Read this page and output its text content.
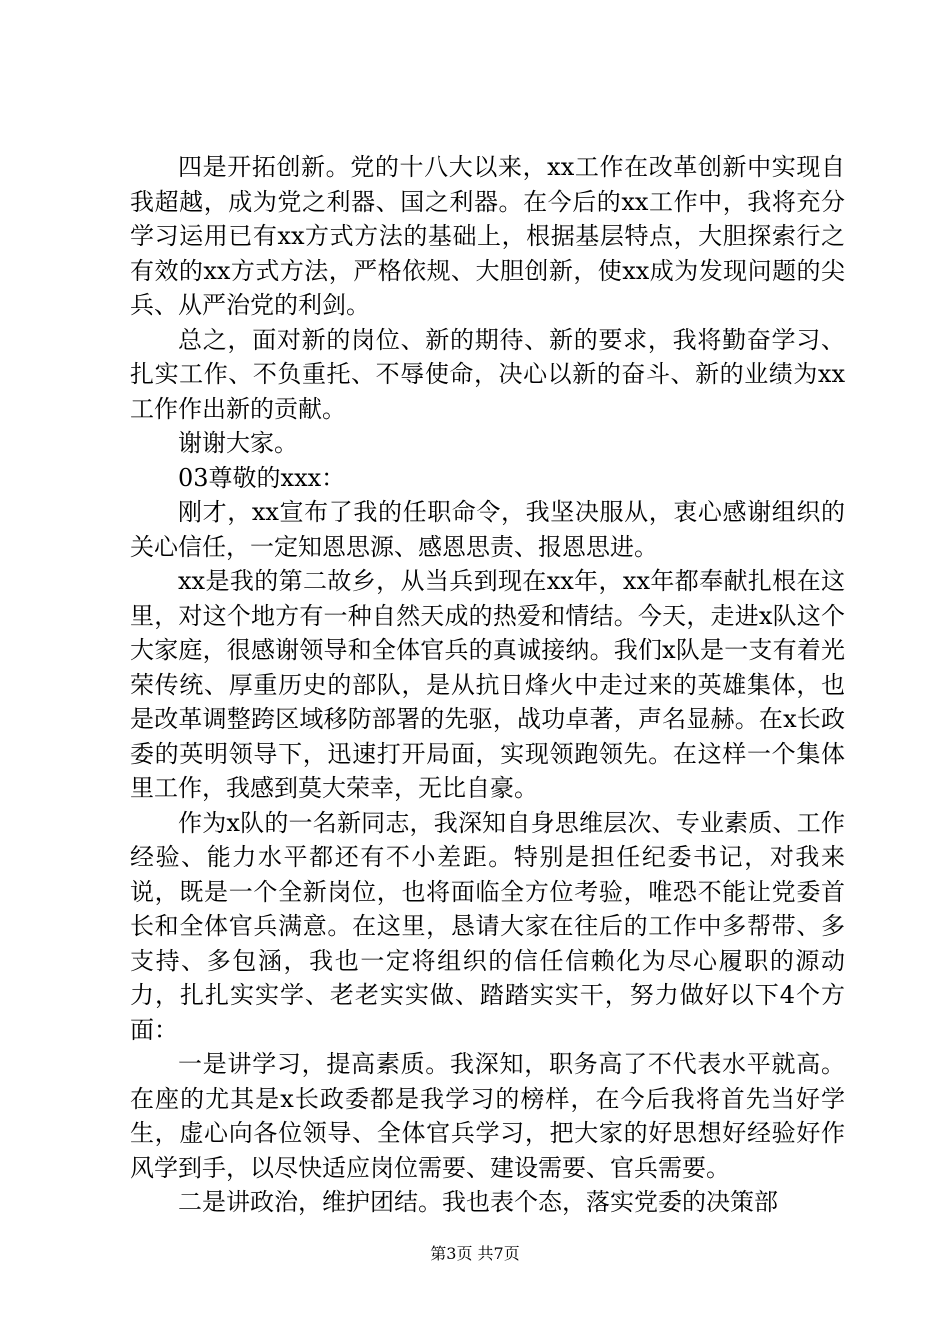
四是开拓创新。党的十八大以来，xx工作在改革创新中实现自我超越，成为党之利器、国之利器。在今后的xx工作中，我将充分学习运用已有xx方式方法的基础上，根据基层特点，大胆探索行之有效的xx方式方法，严格依规、大胆创新，使xx成为发现问题的尖兵、从严治党的利剑。

总之，面对新的岗位、新的期待、新的要求，我将勤奋学习、扎实工作、不负重托、不辱使命，决心以新的奋斗、新的业绩为xx工作作出新的贡献。

谢谢大家。

03尊敬的xxx：

刚才，xx宣布了我的任职命令，我坚决服从，衷心感谢组织的关心信任，一定知恩思源、感恩思责、报恩思进。

xx是我的第二故乡，从当兵到现在xx年，xx年都奉献扎根在这里，对这个地方有一种自然天成的热爱和情结。今天，走进x队这个大家庭，很感谢领导和全体官兵的真诚接纳。我们x队是一支有着光荣传统、厚重历史的部队，是从抗日烽火中走过来的英雄集体，也是改革调整跨区域移防部署的先驱，战功卓著，声名显赫。在x长政委的英明领导下，迅速打开局面，实现领跑领先。在这样一个集体里工作，我感到莫大荣幸，无比自豪。

作为x队的一名新同志，我深知自身思维层次、专业素质、工作经验、能力水平都还有不小差距。特别是担任纪委书记，对我来说，既是一个全新岗位，也将面临全方位考验，唯恐不能让党委首长和全体官兵满意。在这里，恳请大家在往后的工作中多帮带、多支持、多包涵，我也一定将组织的信任信赖化为尽心履职的源动力，扎扎实实学、老老实实做、踏踏实实干，努力做好以下4个方面：

一是讲学习，提高素质。我深知，职务高了不代表水平就高。在座的尤其是x长政委都是我学习的榜样，在今后我将首先当好学生，虚心向各位领导、全体官兵学习，把大家的好思想好经验好作风学到手，以尽快适应岗位需要、建设需要、官兵需要。

二是讲政治，维护团结。我也表个态，落实党委的决策部

第3页 共7页
